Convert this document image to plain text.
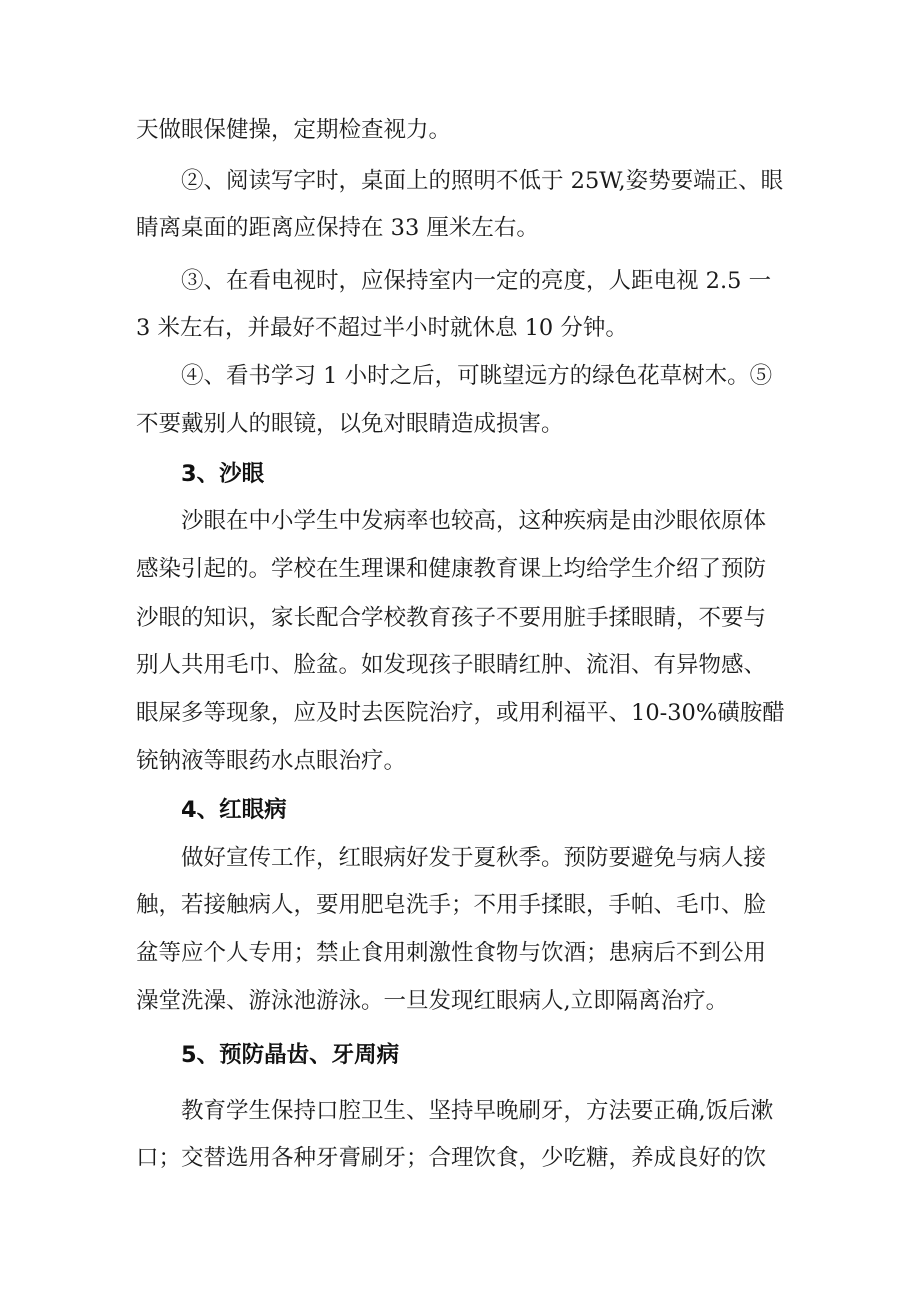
天做眼保健操，定期检查视力。

②、阅读写字时，桌面上的照明不低于 25W,姿势要端正、眼

睛离桌面的距离应保持在 33 厘米左右。

③、在看电视时，应保持室内一定的亮度，人距电视 2.5 一

3 米左右，并最好不超过半小时就休息 10 分钟。

④、看书学习 1 小时之后，可眺望远方的绿色花草树木。⑤

不要戴别人的眼镜，以免对眼睛造成损害。

3、沙眼

沙眼在中小学生中发病率也较高，这种疾病是由沙眼依原体

感染引起的。学校在生理课和健康教育课上均给学生介绍了预防

沙眼的知识，家长配合学校教育孩子不要用脏手揉眼睛，不要与

别人共用毛巾、脸盆。如发现孩子眼睛红肿、流泪、有异物感、

眼屎多等现象，应及时去医院治疗，或用利福平、10-30%磺胺醋

铳钠液等眼药水点眼治疗。

4、红眼病

做好宣传工作，红眼病好发于夏秋季。预防要避免与病人接

触，若接触病人，要用肥皂洗手；不用手揉眼，手帕、毛巾、脸

盆等应个人专用；禁止食用刺激性食物与饮酒；患病后不到公用

澡堂洗澡、游泳池游泳。一旦发现红眼病人,立即隔离治疗。

5、预防晶齿、牙周病

教育学生保持口腔卫生、坚持早晚刷牙，方法要正确,饭后漱

口；交替选用各种牙膏刷牙；合理饮食，少吃糖，养成良好的饮
